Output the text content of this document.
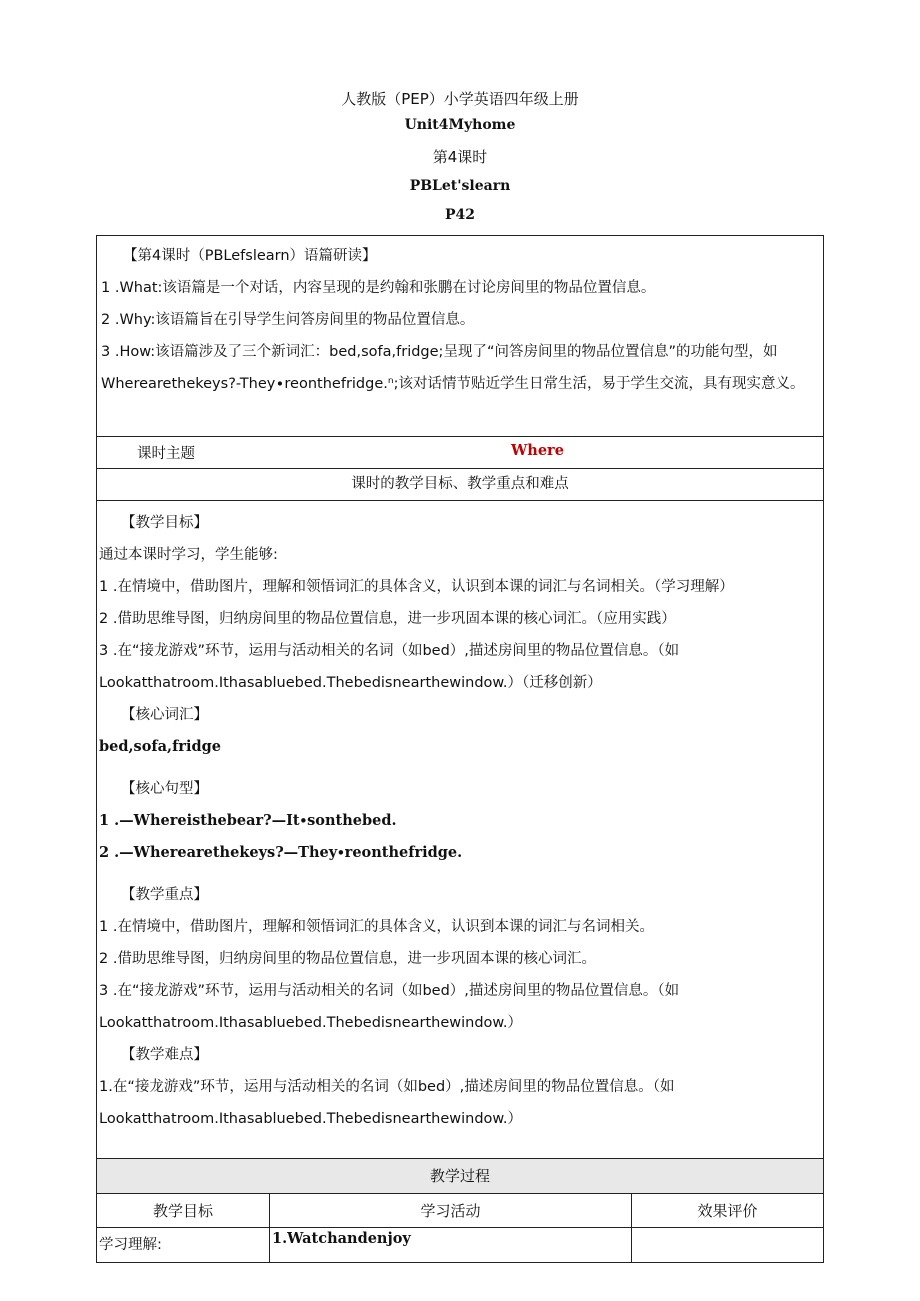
人教版（PEP）小学英语四年级上册
Unit4Myhome
第4课时
PBLet'slearn
P42
【第4课时（PBLefslearn）语篇研读】
1 .What:该语篇是一个对话，内容呈现的是约翰和张鹏在讨论房间里的物品位置信息。
2 .Why:该语篇旨在引导学生问答房间里的物品位置信息。
3 .How:该语篇涉及了三个新词汇：bed,sofa,fridge;呈现了“问答房间里的物品位置信息”的功能句型，如
Wherearethekeys?-They∙reonthefridge.ⁿ;该对话情节贴近学生日常生活，易于学生交流，具有现实意义。
课时主题	Where
课时的教学目标、教学重点和难点
【教学目标】
通过本课时学习，学生能够:
1 .在情境中，借助图片，理解和领悟词汇的具体含义，认识到本课的词汇与名词相关。（学习理解）
2 .借助思维导图，归纳房间里的物品位置信息，进一步巩固本课的核心词汇。（应用实践）
3 .在“接龙游戏”环节，运用与活动相关的名词（如bed）,描述房间里的物品位置信息。（如
Lookatthatroom.Ithasabluebed.Thebedisnearthewindow.）（迁移创新）
【核心词汇】
bed,sofa,fridge
【核心句型】
1 .—Whereisthebear?—It∙sonthebed.
2 .—Wherearethekeys?—They∙reonthefridge.
【教学重点】
1 .在情境中，借助图片，理解和领悟词汇的具体含义，认识到本课的词汇与名词相关。
2 .借助思维导图，归纳房间里的物品位置信息，进一步巩固本课的核心词汇。
3 .在“接龙游戏”环节，运用与活动相关的名词（如bed）,描述房间里的物品位置信息。（如
Lookatthatroom.Ithasabluebed.Thebedisnearthewindow.）
【教学难点】
1.在“接龙游戏”环节，运用与活动相关的名词（如bed）,描述房间里的物品位置信息。（如
Lookatthatroom.Ithasabluebed.Thebedisnearthewindow.）
教学过程
教学目标	学习活动	效果评价
学习理解:	1.Watchandenjoy
